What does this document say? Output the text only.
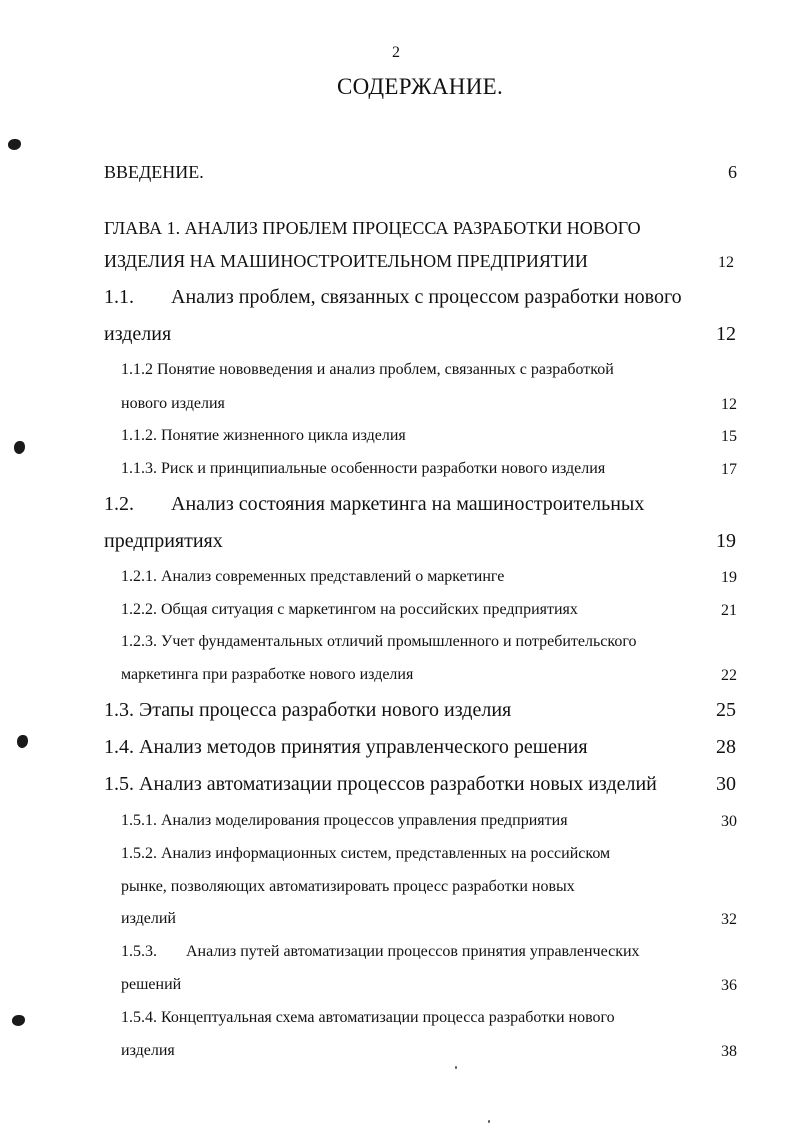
2
СОДЕРЖАНИЕ.
ВВЕДЕНИЕ.	6
ГЛАВА 1. АНАЛИЗ ПРОБЛЕМ ПРОЦЕССА РАЗРАБОТКИ НОВОГО
ИЗДЕЛИЯ НА МАШИНОСТРОИТЕЛЬНОМ ПРЕДПРИЯТИИ	12
1.1. Анализ проблем, связанных с процессом разработки нового
изделия	12
1.1.2 Понятие нововведения и анализ проблем, связанных с разработкой
нового изделия	12
1.1.2. Понятие жизненного цикла изделия	15
1.1.3. Риск и принципиальные особенности разработки нового изделия	17
1.2. Анализ состояния маркетинга на машиностроительных
предприятиях	19
1.2.1. Анализ современных представлений о маркетинге	19
1.2.2. Общая ситуация с маркетингом на российских предприятиях	21
1.2.3. Учет фундаментальных отличий промышленного и потребительского
маркетинга при разработке нового изделия	22
1.3. Этапы процесса разработки нового изделия	25
1.4. Анализ методов принятия управленческого решения	28
1.5. Анализ автоматизации процессов разработки новых изделий	30
1.5.1. Анализ моделирования процессов управления предприятия	30
1.5.2. Анализ информационных систем, представленных на российском
рынке, позволяющих автоматизировать процесс разработки новых
изделий	32
1.5.3. Анализ путей автоматизации процессов принятия управленческих
решений	36
1.5.4. Концептуальная схема автоматизации процесса разработки нового
изделия	38
